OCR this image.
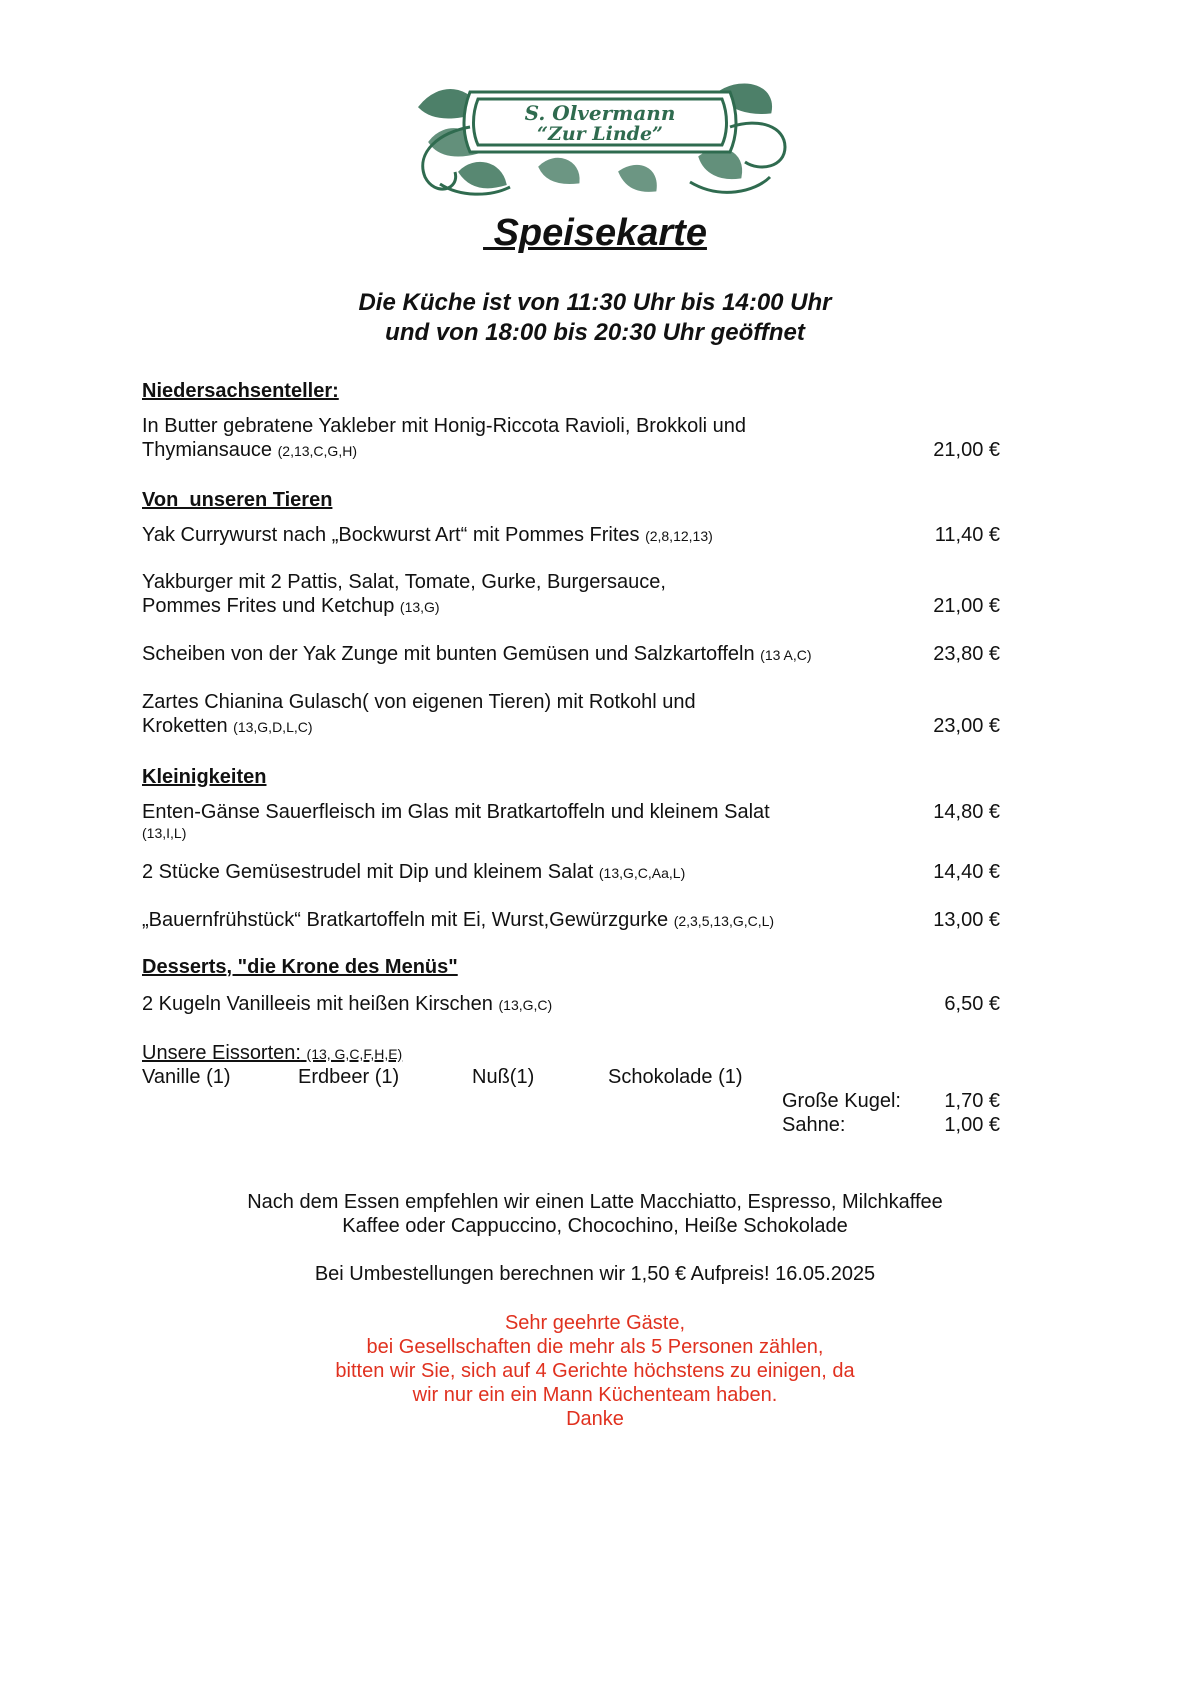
S. Olvermann
“Zur Linde”
Speisekarte
Die Küche ist von 11:30 Uhr bis 14:00 Uhr
und von 18:00 bis 20:30 Uhr geöffnet
Niedersachsenteller:
In Butter gebratene Yakleber mit Honig-Riccota Ravioli, Brokkoli und
Thymiansauce (2,13,C,G,H)	21,00 €
Von  unseren Tieren
Yak Currywurst nach „Bockwurst Art“ mit Pommes Frites (2,8,12,13)	11,40 €
Yakburger mit 2 Pattis, Salat, Tomate, Gurke, Burgersauce,
Pommes Frites und Ketchup (13,G)	21,00 €
Scheiben von der Yak Zunge mit bunten Gemüsen und Salzkartoffeln (13 A,C)	23,80 €
Zartes Chianina Gulasch( von eigenen Tieren) mit Rotkohl und
Kroketten (13,G,D,L,C)	23,00 €
Kleinigkeiten
Enten-Gänse Sauerfleisch im Glas mit Bratkartoffeln und kleinem Salat
(13,I,L)
14,80 €
2 Stücke Gemüsestrudel mit Dip und kleinem Salat (13,G,C,Aa,L)	14,40 €
„Bauernfrühstück“ Bratkartoffeln mit Ei, Wurst,Gewürzgurke (2,3,5,13,G,C,L)	13,00 €
Desserts, "die Krone des Menüs"
2 Kugeln Vanilleeis mit heißen Kirschen (13,G,C)	6,50 €
Unsere Eissorten: (13, G,C,F,H,E)
Vanille (1)	Erdbeer (1)	Nuß(1)	Schokolade (1)
Große Kugel: 1,70 €
Sahne:	1,00 €
Nach dem Essen empfehlen wir einen Latte Macchiatto, Espresso, Milchkaffee
Kaffee oder Cappuccino, Chocochino, Heiße Schokolade
Bei Umbestellungen berechnen wir 1,50 € Aufpreis! 16.05.2025
Sehr geehrte Gäste,
bei Gesellschaften die mehr als 5 Personen zählen,
bitten wir Sie, sich auf 4 Gerichte höchstens zu einigen, da
wir nur ein ein Mann Küchenteam haben.
Danke
